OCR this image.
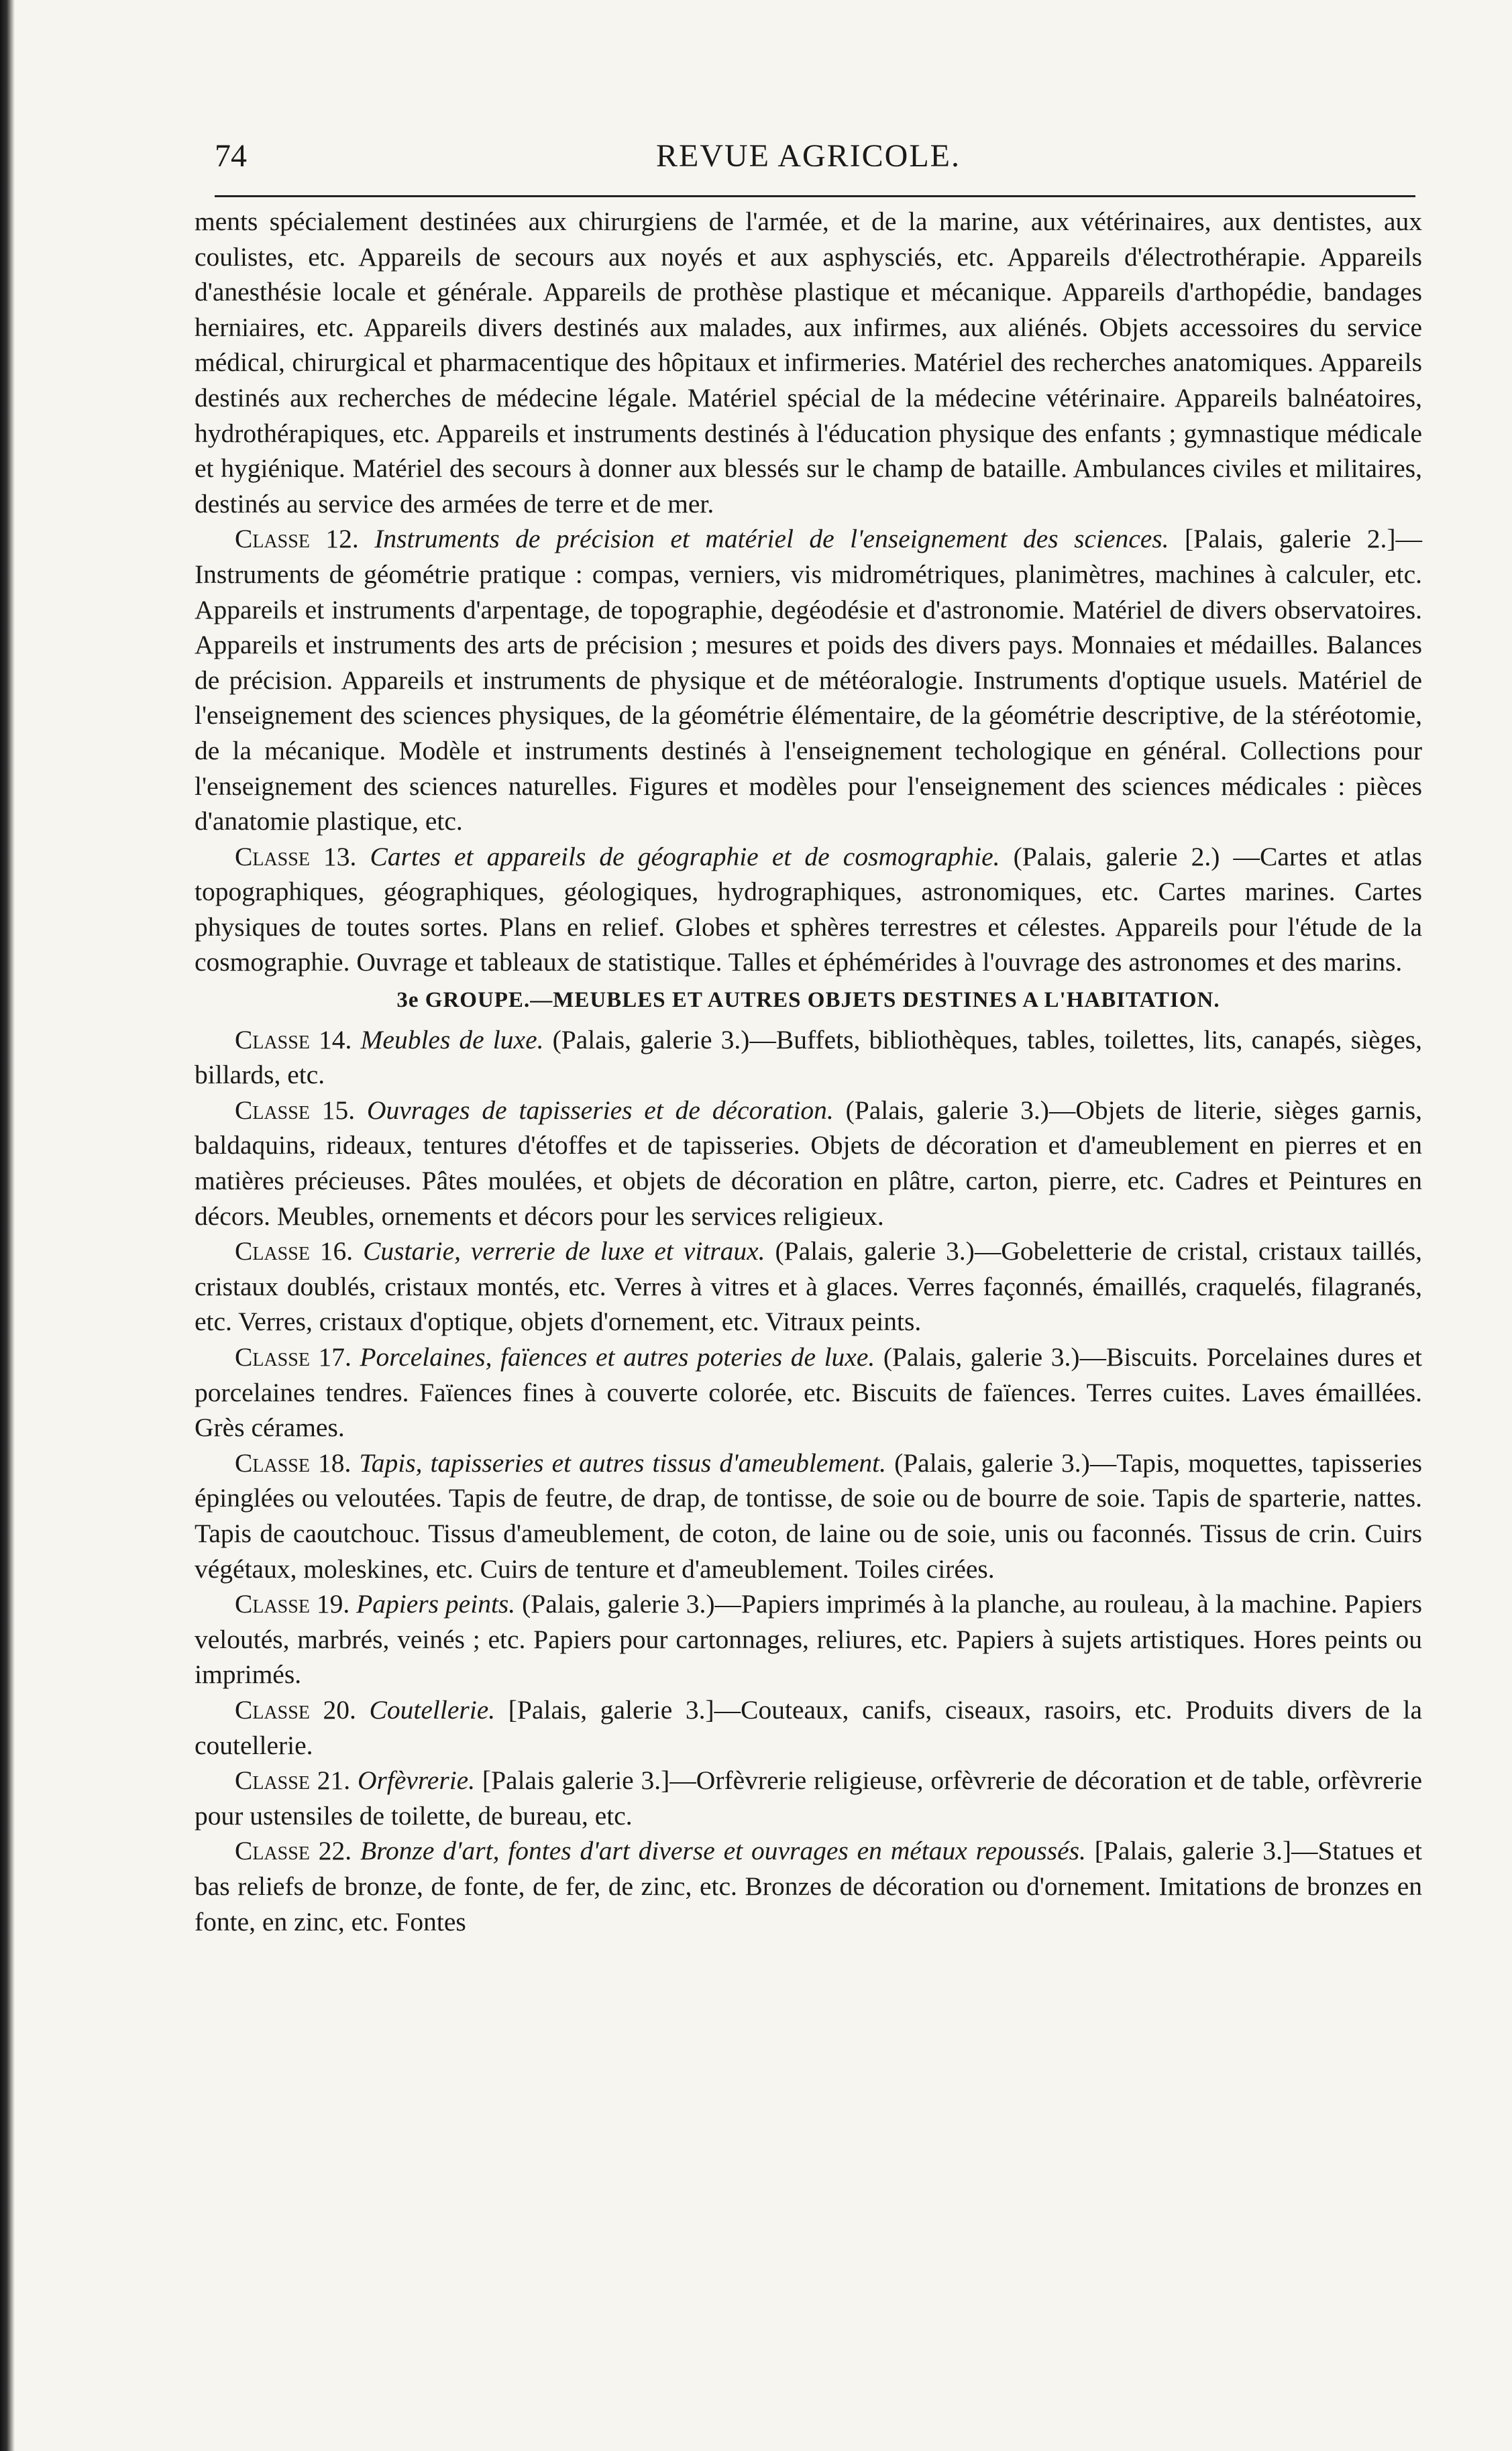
74	REVUE AGRICOLE.

ments spécialement destinées aux chirurgiens de l'armée, et de la marine, aux vétérinaires, aux dentistes, aux coulistes, etc. Appareils de secours aux noyés et aux asphysciés, etc. Appareils d'électrothérapie. Appareils d'anesthésie locale et générale. Appareils de prothèse plastique et mécanique. Appareils d'arthopédie, bandages herniaires, etc. Appareils divers destinés aux malades, aux infirmes, aux aliénés. Objets accessoires du service médical, chirurgical et pharmacentique des hôpitaux et infirmeries. Matériel des recherches anatomiques. Appareils destinés aux recherches de médecine légale. Matériel spécial de la médecine vétérinaire. Appareils balnéatoires, hydrothérapiques, etc. Appareils et instruments destinés à l'éducation physique des enfants ; gymnastique médicale et hygiénique. Matériel des secours à donner aux blessés sur le champ de bataille. Ambulances civiles et militaires, destinés au service des armées de terre et de mer.

Classe 12. Instruments de précision et matériel de l'enseignement des sciences. [Palais, galerie 2.]—Instruments de géométrie pratique : compas, verniers, vis midrométriques, planimètres, machines à calculer, etc. Appareils et instruments d'arpentage, de topographie, degéodésie et d'astronomie. Matériel de divers observatoires. Appareils et instruments des arts de précision ; mesures et poids des divers pays. Monnaies et médailles. Balances de précision. Appareils et instruments de physique et de météoralogie. Instruments d'optique usuels. Matériel de l'enseignement des sciences physiques, de la géométrie élémentaire, de la géométrie descriptive, de la stéréotomie, de la mécanique. Modèle et instruments destinés à l'enseignement techologique en général. Collections pour l'enseignement des sciences naturelles. Figures et modèles pour l'enseignement des sciences médicales : pièces d'anatomie plastique, etc.

Classe 13. Cartes et appareils de géographie et de cosmographie. (Palais, galerie 2.) —Cartes et atlas topographiques, géographiques, géologiques, hydrographiques, astronomiques, etc. Cartes marines. Cartes physiques de toutes sortes. Plans en relief. Globes et sphères terrestres et célestes. Appareils pour l'étude de la cosmographie. Ouvrage et tableaux de statistique. Talles et éphémérides à l'ouvrage des astronomes et des marins.

3e GROUPE.—MEUBLES ET AUTRES OBJETS DESTINES A L'HABITATION.

Classe 14. Meubles de luxe. (Palais, galerie 3.)—Buffets, bibliothèques, tables, toilettes, lits, canapés, sièges, billards, etc.

Classe 15. Ouvrages de tapisseries et de décoration. (Palais, galerie 3.)—Objets de literie, sièges garnis, baldaquins, rideaux, tentures d'étoffes et de tapisseries. Objets de décoration et d'ameublement en pierres et en matières précieuses. Pâtes moulées, et objets de décoration en plâtre, carton, pierre, etc. Cadres et Peintures en décors. Meubles, ornements et décors pour les services religieux.

Classe 16. Custarie, verrerie de luxe et vitraux. (Palais, galerie 3.)—Gobeletterie de cristal, cristaux taillés, cristaux doublés, cristaux montés, etc. Verres à vitres et à glaces. Verres façonnés, émaillés, craquelés, filagranés, etc. Verres, cristaux d'optique, objets d'ornement, etc. Vitraux peints.

Classe 17. Porcelaines, faïences et autres poteries de luxe. (Palais, galerie 3.)—Biscuits. Porcelaines dures et porcelaines tendres. Faïences fines à couverte colorée, etc. Biscuits de faïences. Terres cuites. Laves émaillées. Grès cérames.

Classe 18. Tapis, tapisseries et autres tissus d'ameublement. (Palais, galerie 3.)—Tapis, moquettes, tapisseries épinglées ou veloutées. Tapis de feutre, de drap, de tontisse, de soie ou de bourre de soie. Tapis de sparterie, nattes. Tapis de caoutchouc. Tissus d'ameublement, de coton, de laine ou de soie, unis ou faconnés. Tissus de crin. Cuirs végétaux, moleskines, etc. Cuirs de tenture et d'ameublement. Toiles cirées.

Classe 19. Papiers peints. (Palais, galerie 3.)—Papiers imprimés à la planche, au rouleau, à la machine. Papiers veloutés, marbrés, veinés ; etc. Papiers pour cartonnages, reliures, etc. Papiers à sujets artistiques. Hores peints ou imprimés.

Classe 20. Coutellerie. [Palais, galerie 3.]—Couteaux, canifs, ciseaux, rasoirs, etc. Produits divers de la coutellerie.

Classe 21. Orfèvrerie. [Palais galerie 3.]—Orfèvrerie religieuse, orfèvrerie de décoration et de table, orfèvrerie pour ustensiles de toilette, de bureau, etc.

Classe 22. Bronze d'art, fontes d'art diverse et ouvrages en métaux repoussés. [Palais, galerie 3.]—Statues et bas reliefs de bronze, de fonte, de fer, de zinc, etc. Bronzes de décoration ou d'ornement. Imitations de bronzes en fonte, en zinc, etc. Fontes
